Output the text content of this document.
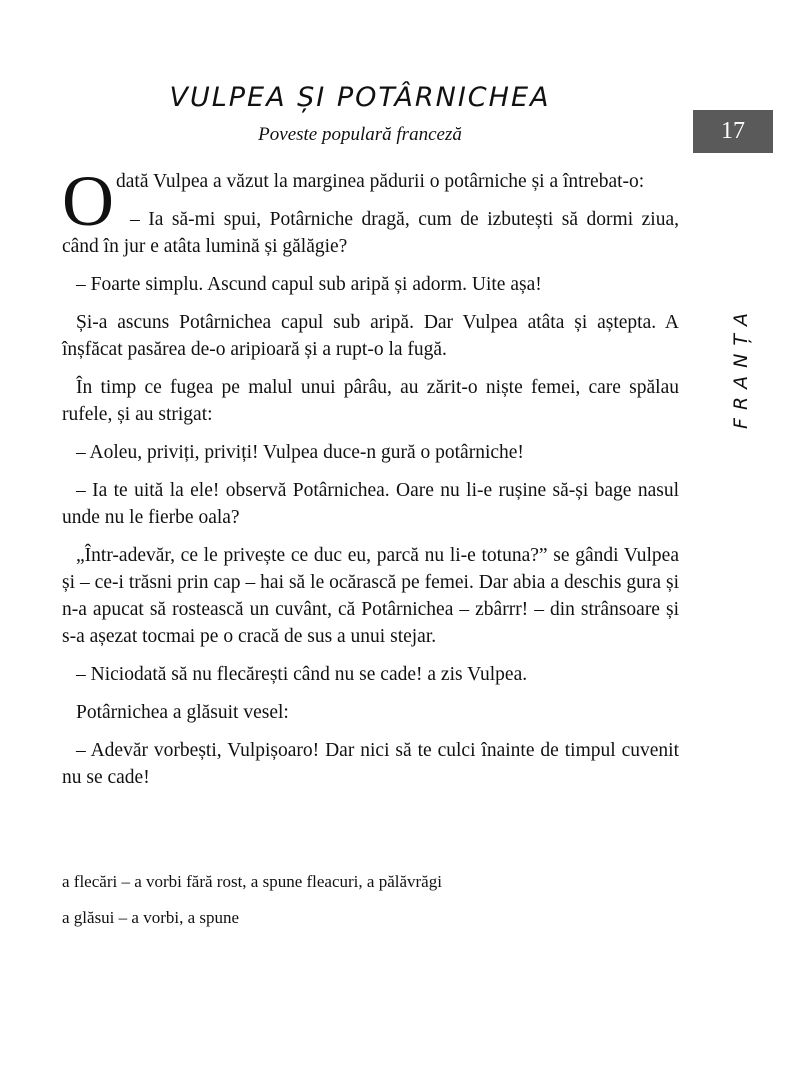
VULPEA ȘI POTÂRNICHEA
Poveste populară franceză	17
FRANȚA

Odată Vulpea a văzut la marginea pădurii o potârniche și a întrebat-o:

– Ia să-mi spui, Potârniche dragă, cum de izbutești să dormi ziua, când în jur e atâta lumină și gălăgie?

– Foarte simplu. Ascund capul sub aripă și adorm. Uite așa!

Și-a ascuns Potârnichea capul sub aripă. Dar Vulpea atâta și aștepta. A înșfăcat pasărea de-o aripioară și a rupt-o la fugă.

În timp ce fugea pe malul unui pârâu, au zărit-o niște femei, care spălau rufele, și au strigat:

– Aoleu, priviți, priviți! Vulpea duce-n gură o potârniche!

– Ia te uită la ele! observă Potârnichea. Oare nu li-e rușine să-și bage nasul unde nu le fierbe oala?

„Într-adevăr, ce le privește ce duc eu, parcă nu li-e totuna?” se gândi Vulpea și – ce-i trăsni prin cap – hai să le ocărască pe femei. Dar abia a deschis gura și n-a apucat să rostească un cuvânt, că Potârnichea – zbârrr! – din strânsoare și s-a așezat tocmai pe o cracă de sus a unui stejar.

– Niciodată să nu flecărești când nu se cade! a zis Vulpea.

Potârnichea a glăsuit vesel:

– Adevăr vorbești, Vulpișoaro! Dar nici să te culci înainte de timpul cuvenit nu se cade!

a flecări – a vorbi fără rost, a spune fleacuri, a pălăvrăgi
a glăsui – a vorbi, a spune
